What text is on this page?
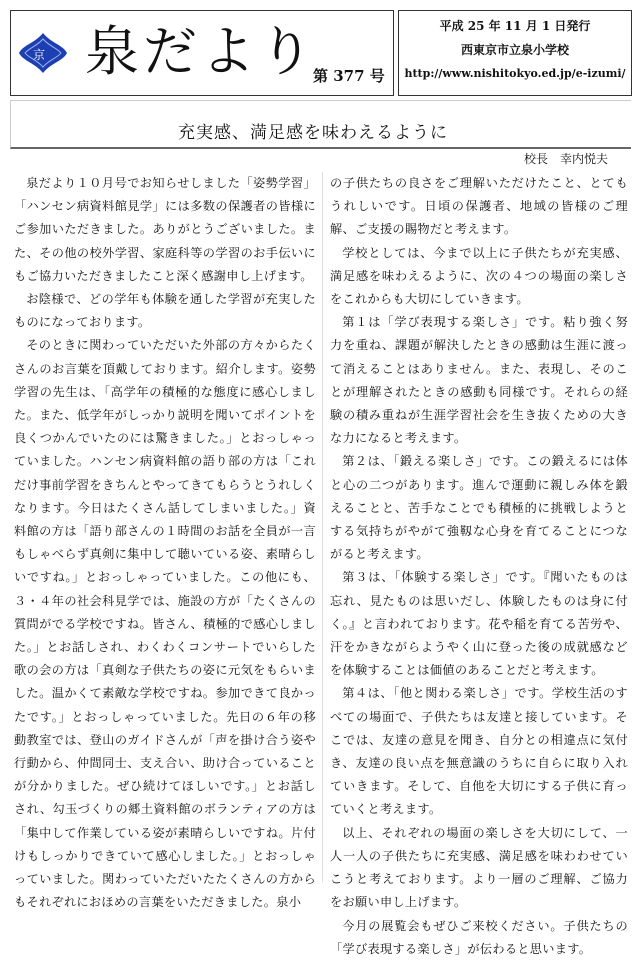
京 泉だより
第 377 号
平成 25 年 11 月 1 日発行
西東京市立泉小学校
http://www.nishitokyo.ed.jp/e-izumi/
充実感、満足感を味わえるように
校長　幸内悦夫

泉だより１０月号でお知らせしました「姿勢学習」「ハンセン病資料館見学」には多数の保護者の皆様にご参加いただきました。ありがとうございました。また、その他の校外学習、家庭科等の学習のお手伝いにもご協力いただきましたこと深く感謝申し上げます。

お陰様で、どの学年も体験を通した学習が充実したものになっております。

そのときに関わっていただいた外部の方々からたくさんのお言葉を頂戴しております。紹介します。姿勢学習の先生は、「高学年の積極的な態度に感心しました。また、低学年がしっかり説明を聞いてポイントを良くつかんでいたのには驚きました。」とおっしゃっていました。ハンセン病資料館の語り部の方は「これだけ事前学習をきちんとやってきてもらうとうれしくなります。今日はたくさん話してしまいました。」資料館の方は「語り部さんの１時間のお話を全員が一言もしゃべらず真剣に集中して聴いている姿、素晴らしいですね。」とおっしゃっていました。この他にも、３・４年の社会科見学では、施設の方が「たくさんの質問がでる学校ですね。皆さん、積極的で感心しました。」とお話しされ、わくわくコンサートでいらした歌の会の方は「真剣な子供たちの姿に元気をもらいました。温かくて素敵な学校ですね。参加できて良かったです。」とおっしゃっていました。先日の６年の移動教室では、登山のガイドさんが「声を掛け合う姿や行動から、仲間同士、支え合い、助け合っていることが分かりました。ぜひ続けてほしいです。」とお話しされ、勾玉づくりの郷土資料館のボランティアの方は「集中して作業している姿が素晴らしいですね。片付けもしっかりできていて感心しました。」とおっしゃっていました。関わっていただいたたくさんの方からもそれぞれにおほめの言葉をいただきました。泉小

の子供たちの良さをご理解いただけたこと、とてもうれしいです。日頃の保護者、地域の皆様のご理解、ご支援の賜物だと考えます。

学校としては、今まで以上に子供たちが充実感、満足感を味わえるように、次の４つの場面の楽しさをこれからも大切にしていきます。

第１は「学び表現する楽しさ」です。粘り強く努力を重ね、課題が解決したときの感動は生涯に渡って消えることはありません。また、表現し、そのことが理解されたときの感動も同様です。それらの経験の積み重ねが生涯学習社会を生き抜くための大きな力になると考えます。

第２は、「鍛える楽しさ」です。この鍛えるには体と心の二つがあります。進んで運動に親しみ体を鍛えることと、苦手なことでも積極的に挑戦しようとする気持ちがやがて強靱な心身を育てることにつながると考えます。

第３は、「体験する楽しさ」です。『聞いたものは忘れ、見たものは思いだし、体験したものは身に付く。』と言われております。花や稲を育てる苦労や、汗をかきながらようやく山に登った後の成就感などを体験することは価値のあることだと考えます。

第４は、「他と関わる楽しさ」です。学校生活のすべての場面で、子供たちは友達と接しています。そこでは、友達の意見を聞き、自分との相違点に気付き、友達の良い点を無意識のうちに自らに取り入れていきます。そして、自他を大切にする子供に育っていくと考えます。

以上、それぞれの場面の楽しさを大切にして、一人一人の子供たちに充実感、満足感を味わわせていこうと考えております。より一層のご理解、ご協力をお願い申し上げます。

今月の展覧会もぜひご来校ください。子供たちの「学び表現する楽しさ」が伝わると思います。
